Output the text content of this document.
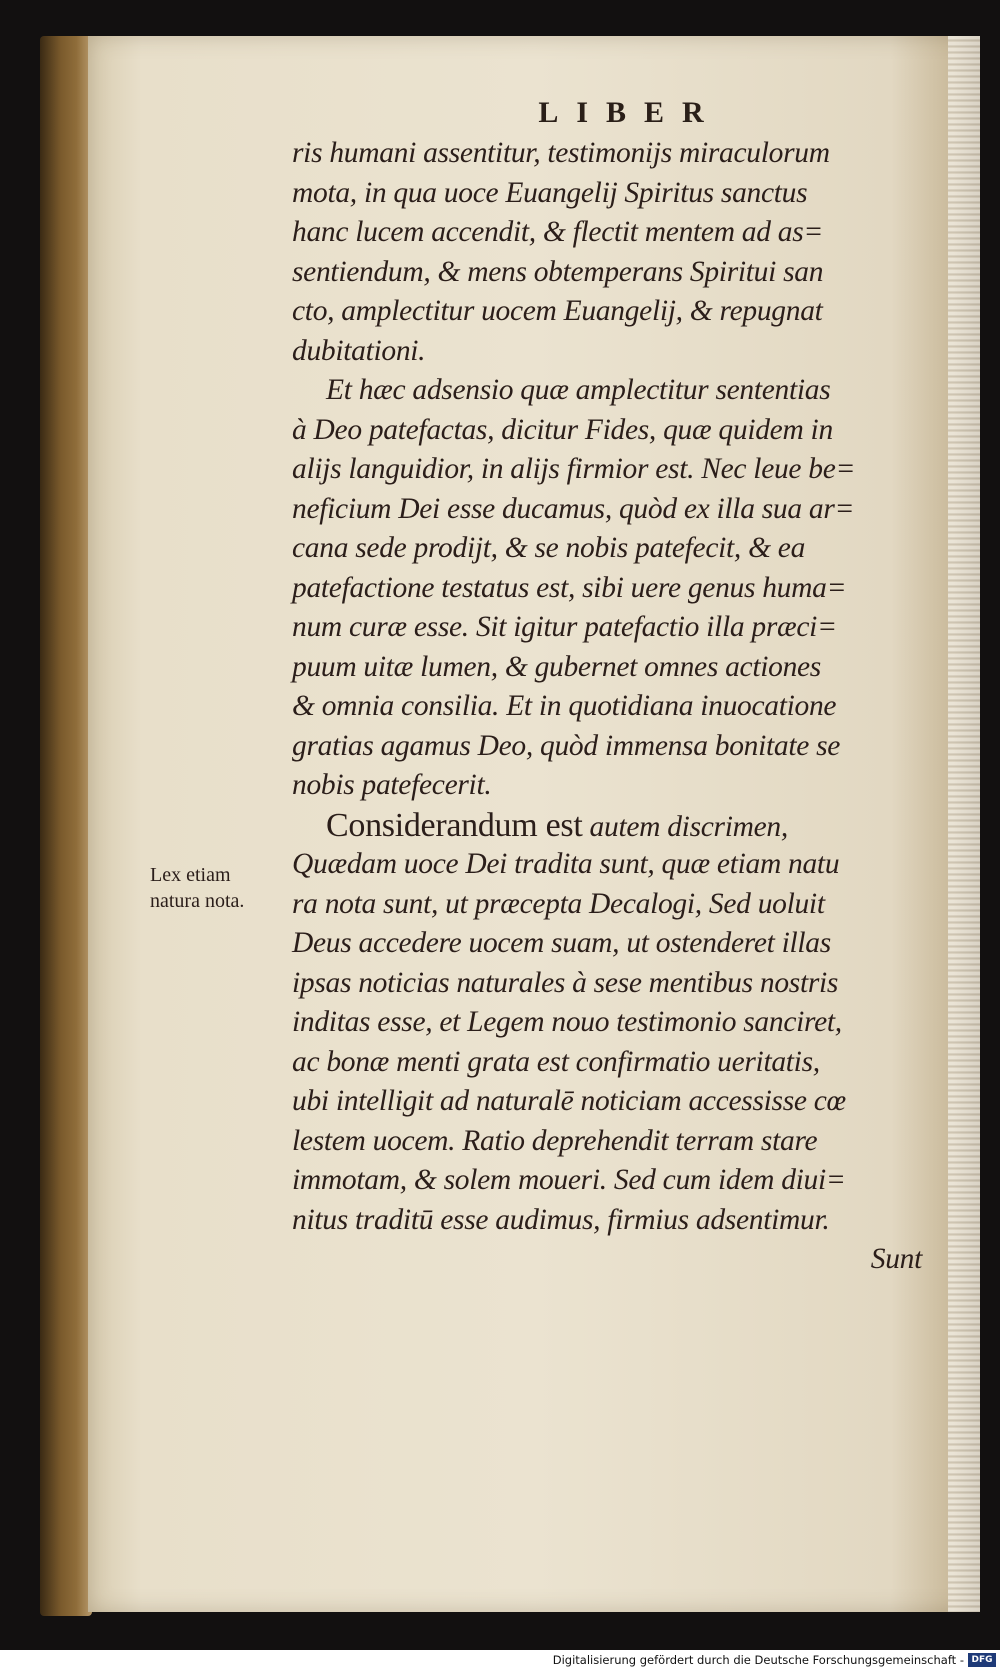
LIBER
Lex etiam
natura nota.

ris humani assentitur, testimonijs miraculorum
mota, in qua uoce Euangelij Spiritus sanctus
hanc lucem accendit, & flectit mentem ad as=
sentiendum, & mens obtemperans Spiritui san
cto, amplectitur uocem Euangelij, & repugnat
dubitationi.

Et hæc adsensio quæ amplectitur sententias
à Deo patefactas, dicitur Fides, quæ quidem in
alijs languidior, in alijs firmior est. Nec leue be=
neficium Dei esse ducamus, quòd ex illa sua ar=
cana sede prodijt, & se nobis patefecit, & ea
patefactione testatus est, sibi uere genus huma=
num curæ esse. Sit igitur patefactio illa præci=
puum uitæ lumen, & gubernet omnes actiones
& omnia consilia. Et in quotidiana inuocatione
gratias agamus Deo, quòd immensa bonitate se
nobis patefecerit.

Considerandum est autem discrimen,
Quædam uoce Dei tradita sunt, quæ etiam natu
ra nota sunt, ut præcepta Decalogi, Sed uoluit
Deus accedere uocem suam, ut ostenderet illas
ipsas noticias naturales à sese mentibus nostris
inditas esse, et Legem nouo testimonio sanciret,
ac bonæ menti grata est confirmatio ueritatis,
ubi intelligit ad naturalē noticiam accessisse cœ
lestem uocem. Ratio deprehendit terram stare
immotam, & solem moueri. Sed cum idem diui=
nitus traditū esse audimus, firmius adsentimur.

Sunt
Digitalisierung gefördert durch die Deutsche Forschungsgemeinschaft - DFG
